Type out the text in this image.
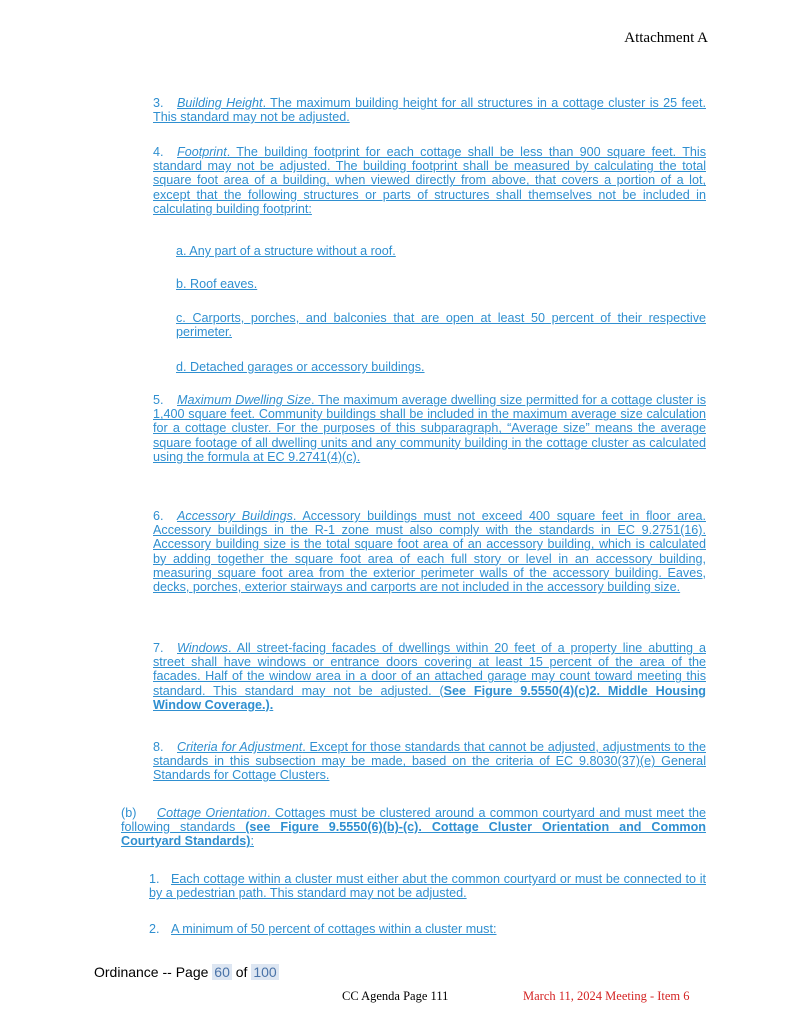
Attachment A

3. Building Height. The maximum building height for all structures in a cottage cluster is 25 feet. This standard may not be adjusted.

4. Footprint. The building footprint for each cottage shall be less than 900 square feet. This standard may not be adjusted. The building footprint shall be measured by calculating the total square foot area of a building, when viewed directly from above, that covers a portion of a lot, except that the following structures or parts of structures shall themselves not be included in calculating building footprint:

a. Any part of a structure without a roof.

b. Roof eaves.

c. Carports, porches, and balconies that are open at least 50 percent of their respective perimeter.

d. Detached garages or accessory buildings.

5. Maximum Dwelling Size. The maximum average dwelling size permitted for a cottage cluster is 1,400 square feet. Community buildings shall be included in the maximum average size calculation for a cottage cluster. For the purposes of this subparagraph, “Average size” means the average square footage of all dwelling units and any community building in the cottage cluster as calculated using the formula at EC 9.2741(4)(c).

6. Accessory Buildings. Accessory buildings must not exceed 400 square feet in floor area. Accessory buildings in the R-1 zone must also comply with the standards in EC 9.2751(16). Accessory building size is the total square foot area of an accessory building, which is calculated by adding together the square foot area of each full story or level in an accessory building, measuring square foot area from the exterior perimeter walls of the accessory building. Eaves, decks, porches, exterior stairways and carports are not included in the accessory building size.

7. Windows. All street-facing facades of dwellings within 20 feet of a property line abutting a street shall have windows or entrance doors covering at least 15 percent of the area of the facades. Half of the window area in a door of an attached garage may count toward meeting this standard. This standard may not be adjusted. (See Figure 9.5550(4)(c)2. Middle Housing Window Coverage.).

8. Criteria for Adjustment. Except for those standards that cannot be adjusted, adjustments to the standards in this subsection may be made, based on the criteria of EC 9.8030(37)(e) General Standards for Cottage Clusters.

(b) Cottage Orientation. Cottages must be clustered around a common courtyard and must meet the following standards (see Figure 9.5550(6)(b)-(c). Cottage Cluster Orientation and Common Courtyard Standards):

1. Each cottage within a cluster must either abut the common courtyard or must be connected to it by a pedestrian path. This standard may not be adjusted.

2. A minimum of 50 percent of cottages within a cluster must:

Ordinance -- Page 60 of 100
CC Agenda Page 111	March 11, 2024 Meeting - Item 6
